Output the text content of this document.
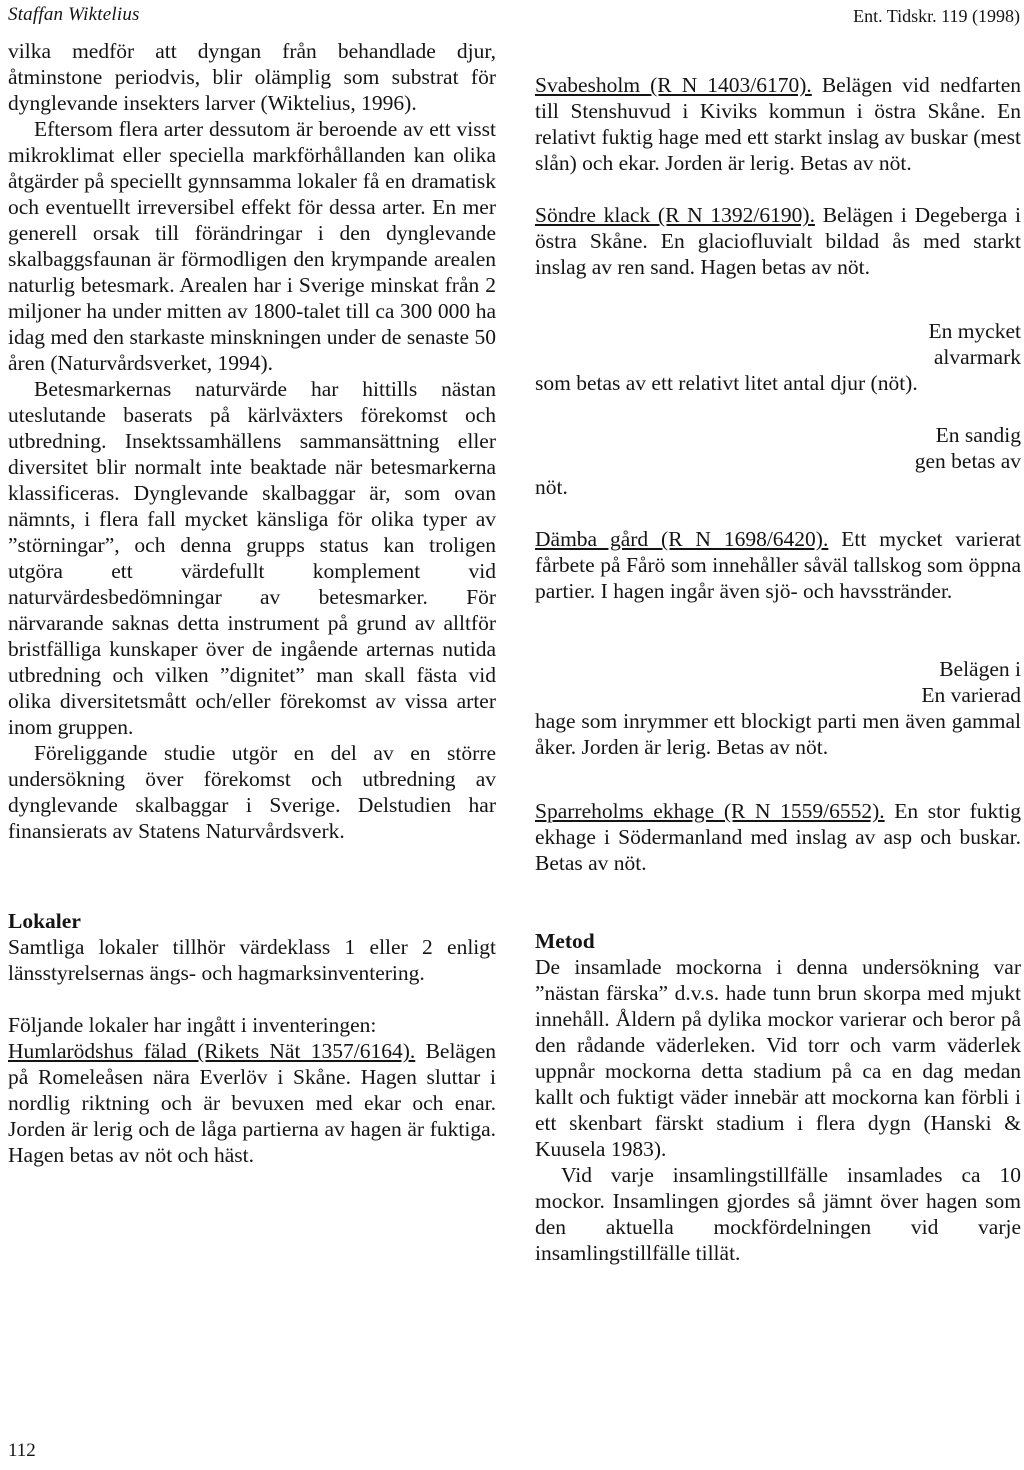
Staffan Wiktelius	Ent. Tidskr. 119 (1998)

vilka medför att dyngan från behandlade djur, åtminstone periodvis, blir olämplig som substrat för dynglevande insekters larver (Wiktelius, 1996).

Eftersom flera arter dessutom är beroende av ett visst mikroklimat eller speciella markförhållanden kan olika åtgärder på speciellt gynnsamma lokaler få en dramatisk och eventuellt irreversibel effekt för dessa arter. En mer generell orsak till förändringar i den dynglevande skalbaggsfaunan är förmodligen den krympande arealen naturlig betesmark. Arealen har i Sverige minskat från 2 miljoner ha under mitten av 1800-talet till ca 300 000 ha idag med den starkaste minskningen under de senaste 50 åren (Naturvårdsverket, 1994).

Betesmarkernas naturvärde har hittills nästan uteslutande baserats på kärlväxters förekomst och utbredning. Insektssamhällens sammansättning eller diversitet blir normalt inte beaktade när betesmarkerna klassificeras. Dynglevande skalbaggar är, som ovan nämnts, i flera fall mycket känsliga för olika typer av ”störningar”, och denna grupps status kan troligen utgöra ett värdefullt komplement vid naturvärdesbedömningar av betesmarker. För närvarande saknas detta instrument på grund av alltför bristfälliga kunskaper över de ingående arternas nutida utbredning och vilken ”dignitet” man skall fästa vid olika diversitetsmått och/eller förekomst av vissa arter inom gruppen.

Föreliggande studie utgör en del av en större undersökning över förekomst och utbredning av dynglevande skalbaggar i Sverige. Delstudien har finansierats av Statens Naturvårdsverk.

Lokaler

Samtliga lokaler tillhör värdeklass 1 eller 2 enligt länsstyrelsernas ängs- och hagmarksinventering.

Följande lokaler har ingått i inventeringen:

Humlarödshus fälad (Rikets Nät 1357/6164). Belägen på Romeleåsen nära Everlöv i Skåne. Hagen sluttar i nordlig riktning och är bevuxen med ekar och enar. Jorden är lerig och de låga partierna av hagen är fuktiga. Hagen betas av nöt och häst.

Svabesholm (R N 1403/6170). Belägen vid nedfarten till Stenshuvud i Kiviks kommun i östra Skåne. En relativt fuktig hage med ett starkt inslag av buskar (mest slån) och ekar. Jorden är lerig. Betas av nöt.

Söndre klack (R N 1392/6190). Belägen i Degeberga i östra Skåne. En glaciofluvialt bildad ås med starkt inslag av ren sand. Hagen betas av nöt.

En mycket

alvarmark

som betas av ett relativt litet antal djur (nöt).

En sandig

gen betas av

nöt.

Dämba gård (R N 1698/6420). Ett mycket varierat fårbete på Fårö som innehåller såväl tallskog som öppna partier. I hagen ingår även sjö- och havsstränder.

Belägen i

En varierad

hage som inrymmer ett blockigt parti men även gammal åker. Jorden är lerig. Betas av nöt.

Sparreholms ekhage (R N 1559/6552). En stor fuktig ekhage i Södermanland med inslag av asp och buskar. Betas av nöt.

Metod

De insamlade mockorna i denna undersökning var ”nästan färska” d.v.s. hade tunn brun skorpa med mjukt innehåll. Åldern på dylika mockor varierar och beror på den rådande väderleken. Vid torr och varm väderlek uppnår mockorna detta stadium på ca en dag medan kallt och fuktigt väder innebär att mockorna kan förbli i ett skenbart färskt stadium i flera dygn (Hanski & Kuusela 1983).

Vid varje insamlingstillfälle insamlades ca 10 mockor. Insamlingen gjordes så jämnt över hagen som den aktuella mockfördelningen vid varje insamlingstillfälle tillät.

112
